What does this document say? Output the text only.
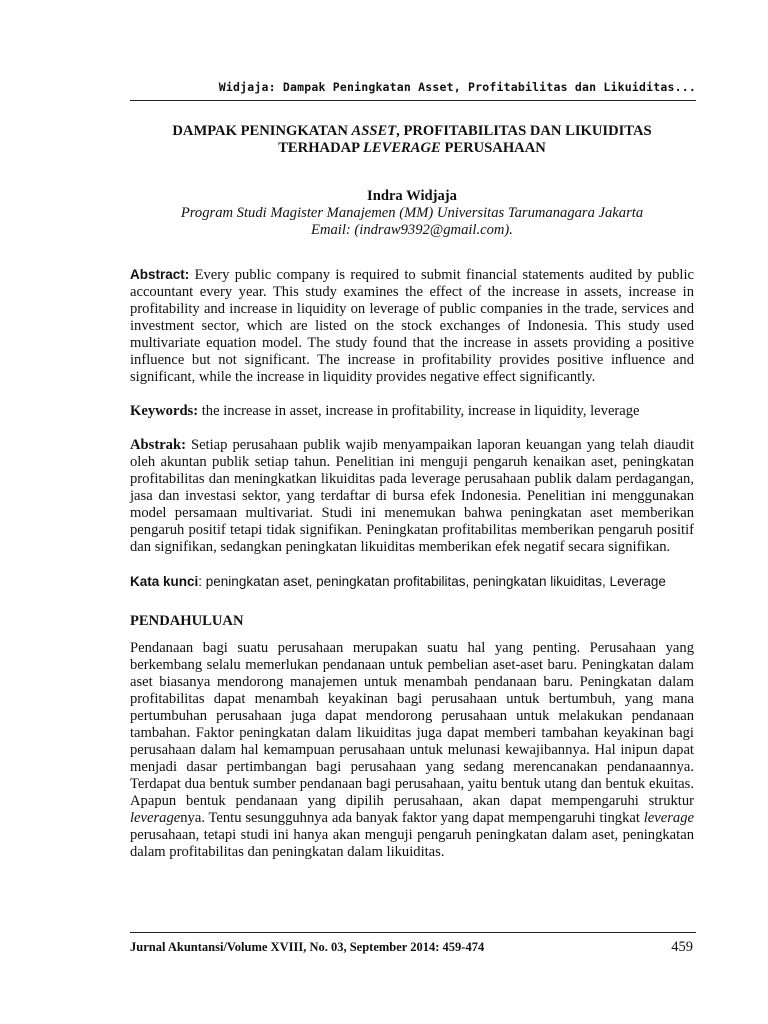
Widjaja: Dampak Peningkatan Asset, Profitabilitas dan Likuiditas...
DAMPAK PENINGKATAN ASSET, PROFITABILITAS DAN LIKUIDITAS
TERHADAP LEVERAGE PERUSAHAAN
Indra Widjaja
Program Studi Magister Manajemen (MM) Universitas Tarumanagara Jakarta
Email: (indraw9392@gmail.com).

Abstract: Every public company is required to submit financial statements audited by public accountant every year. This study examines the effect of the increase in assets, increase in profitability and increase in liquidity on leverage of public companies in the trade, services and investment sector, which are listed on the stock exchanges of Indonesia. This study used multivariate equation model. The study found that the increase in assets providing a positive influence but not significant. The increase in profitability provides positive influence and significant, while the increase in liquidity provides negative effect significantly.

Keywords: the increase in asset, increase in profitability, increase in liquidity, leverage

Abstrak: Setiap perusahaan publik wajib menyampaikan laporan keuangan yang telah diaudit oleh akuntan publik setiap tahun. Penelitian ini menguji pengaruh kenaikan aset, peningkatan profitabilitas dan meningkatkan likuiditas pada leverage perusahaan publik dalam perdagangan, jasa dan investasi sektor, yang terdaftar di bursa efek Indonesia. Penelitian ini menggunakan model persamaan multivariat. Studi ini menemukan bahwa peningkatan aset memberikan pengaruh positif tetapi tidak signifikan. Peningkatan profitabilitas memberikan pengaruh positif dan signifikan, sedangkan peningkatan likuiditas memberikan efek negatif secara signifikan.

Kata kunci: peningkatan aset, peningkatan profitabilitas, peningkatan likuiditas, Leverage

PENDAHULUAN

Pendanaan bagi suatu perusahaan merupakan suatu hal yang penting. Perusahaan yang berkembang selalu memerlukan pendanaan untuk pembelian aset-aset baru. Peningkatan dalam aset biasanya mendorong manajemen untuk menambah pendanaan baru. Peningkatan dalam profitabilitas dapat menambah keyakinan bagi perusahaan untuk bertumbuh, yang mana pertumbuhan perusahaan juga dapat mendorong perusahaan untuk melakukan pendanaan tambahan. Faktor peningkatan dalam likuiditas juga dapat memberi tambahan keyakinan bagi perusahaan dalam hal kemampuan perusahaan untuk melunasi kewajibannya. Hal inipun dapat menjadi dasar pertimbangan bagi perusahaan yang sedang merencanakan pendanaannya. Terdapat dua bentuk sumber pendanaan bagi perusahaan, yaitu bentuk utang dan bentuk ekuitas. Apapun bentuk pendanaan yang dipilih perusahaan, akan dapat mempengaruhi struktur leveragenya. Tentu sesungguhnya ada banyak faktor yang dapat mempengaruhi tingkat leverage perusahaan, tetapi studi ini hanya akan menguji pengaruh peningkatan dalam aset, peningkatan dalam profitabilitas dan peningkatan dalam likuiditas.

Jurnal Akuntansi/Volume XVIII, No. 03, September 2014: 459-474	459
